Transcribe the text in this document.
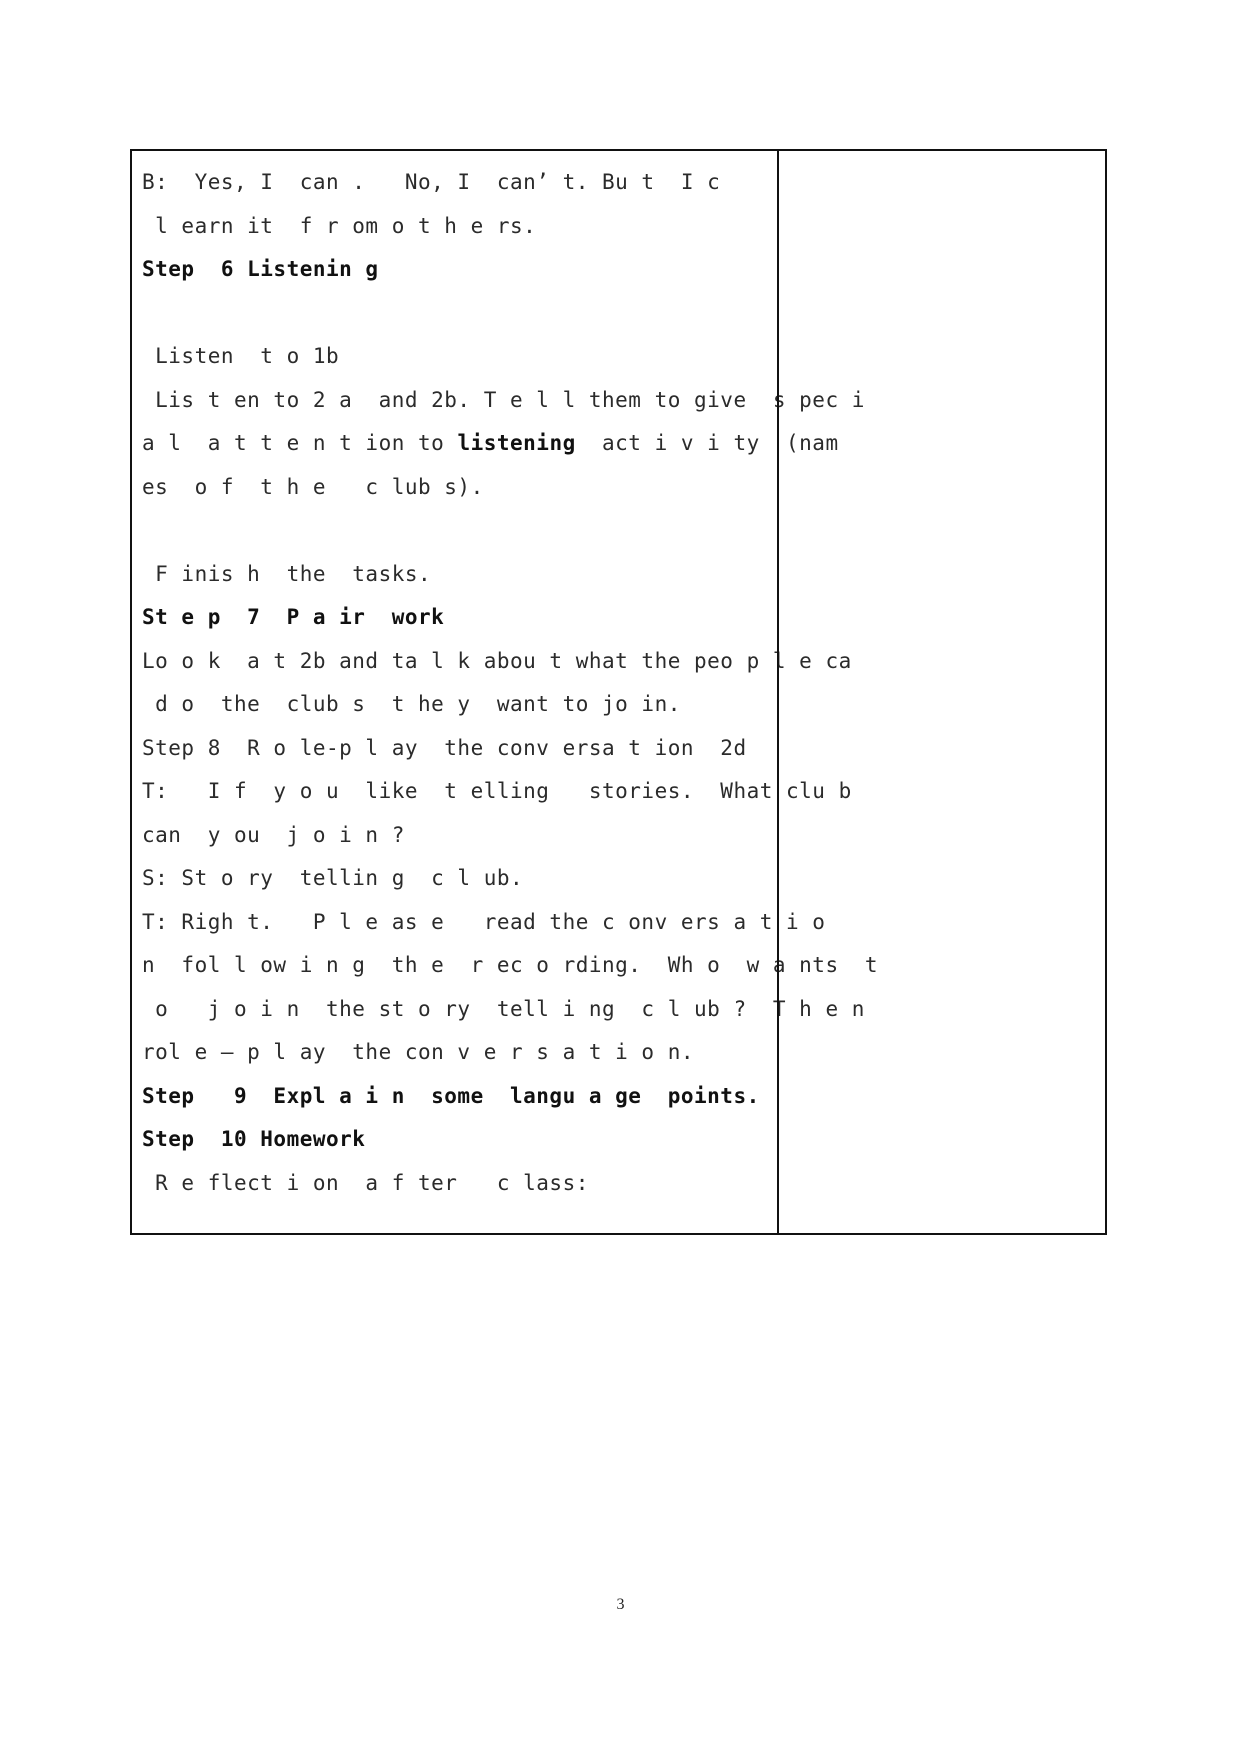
B:  Yes, I  can .   No, I  can’ t. Bu t  I c
l earn it  f r om o t h e rs.
Step  6 Listenin g
Listen  t o 1b
Lis t en to 2 a  and 2b. T e l l them to give  s pec i
a l  a t t e n t ion to listening  act i v i ty  (nam
es  o f  t h e   c lub s).
F inis h  the  tasks.
St e p  7  P a ir  work
Lo o k  a t 2b and ta l k abou t what the peo p l e ca
d o  the  club s  t he y  want to jo in.
Step 8  R o le-p l ay  the conv ersa t ion  2d
T:   I f  y o u  like  t elling   stories.  What clu b
can  y ou  j o i n ?
S: St o ry  tellin g  c l ub.
T: Righ t.   P l e as e   read the c onv ers a t i o
n  fol l ow i n g  th e  r ec o rding.  Wh o  w a nts  t
o   j o i n  the st o ry  tell i ng  c l ub ?  T h e n
rol e — p l ay  the con v e r s a t i o n.
Step   9  Expl a i n  some  langu a ge  points.
Step  10 Homework
R e flect i on  a f ter   c lass:
3
